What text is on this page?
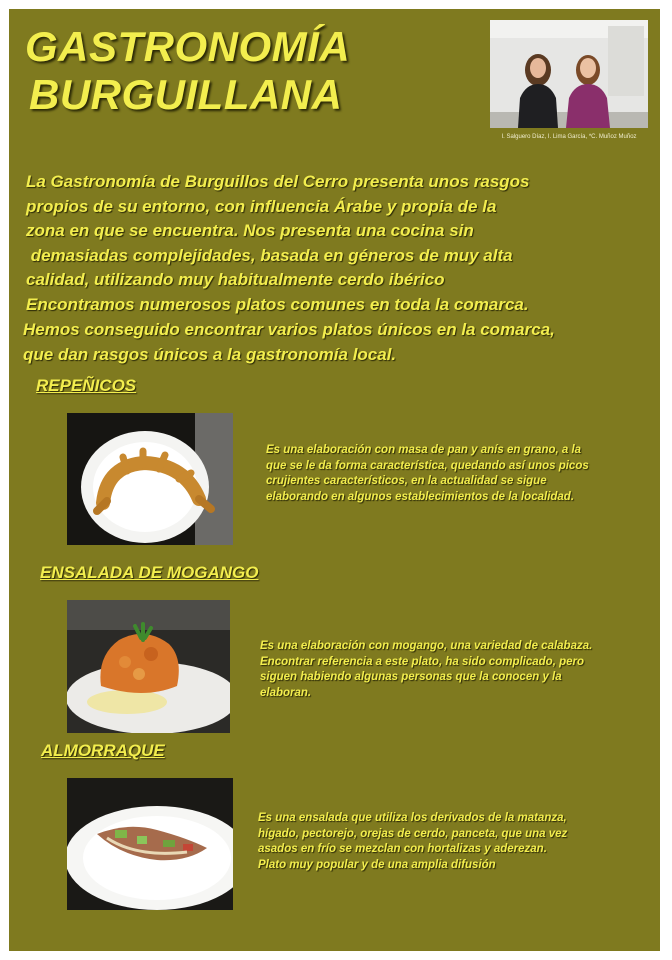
GASTRONOMÍA
BURGUILLANA
I. Salguero Díaz, I. Lima García, *C. Muñoz Muñoz

La Gastronomía de Burguillos del Cerro presenta unos rasgos

propios de su entorno, con influencia Árabe y propia de la

zona en que se encuentra. Nos presenta una cocina sin

demasiadas complejidades, basada en géneros de muy alta

calidad, utilizando muy habitualmente cerdo ibérico

Encontramos numerosos platos comunes en toda la comarca.

Hemos conseguido encontrar varios platos únicos en la comarca,

que dan rasgos únicos a la gastronomía local.

REPEÑICOS

Es una elaboración con masa de pan y anís en grano, a la
que se le da forma característica, quedando así unos picos
crujientes característicos, en la actualidad se sigue
elaborando en algunos establecimientos de la localidad.

ENSALADA DE MOGANGO

Es una elaboración con mogango, una variedad de calabaza.
Encontrar referencia a este plato, ha sido complicado, pero
siguen habiendo algunas personas que la conocen y la
elaboran.

ALMORRAQUE

Es una ensalada que utiliza los derivados de la matanza,
hígado, pectorejo, orejas de cerdo, panceta, que una vez
asados en frío se mezclan con hortalizas y aderezan.
Plato muy popular y de una amplia difusión
